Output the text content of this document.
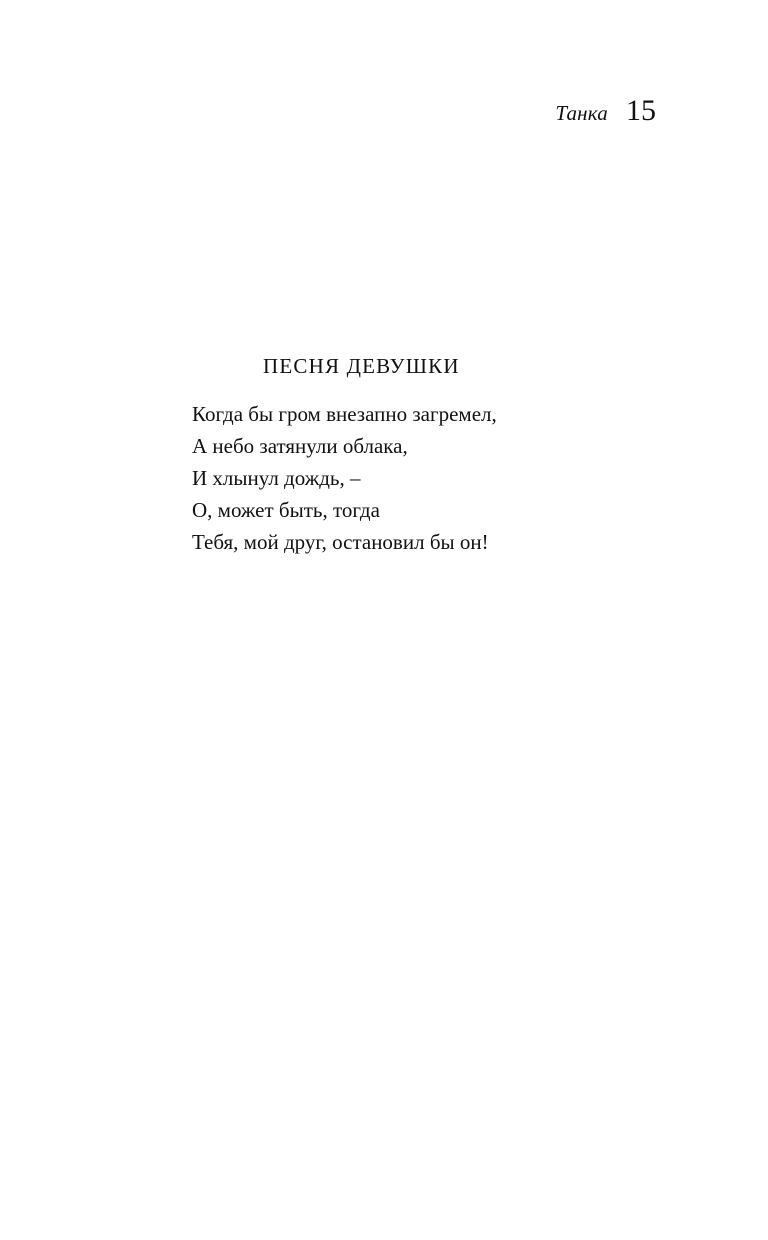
Танка 15
ПЕСНЯ ДЕВУШКИ
Когда бы гром внезапно загремел,
А небо затянули облака,
И хлынул дождь, –
О, может быть, тогда
Тебя, мой друг, остановил бы он!
